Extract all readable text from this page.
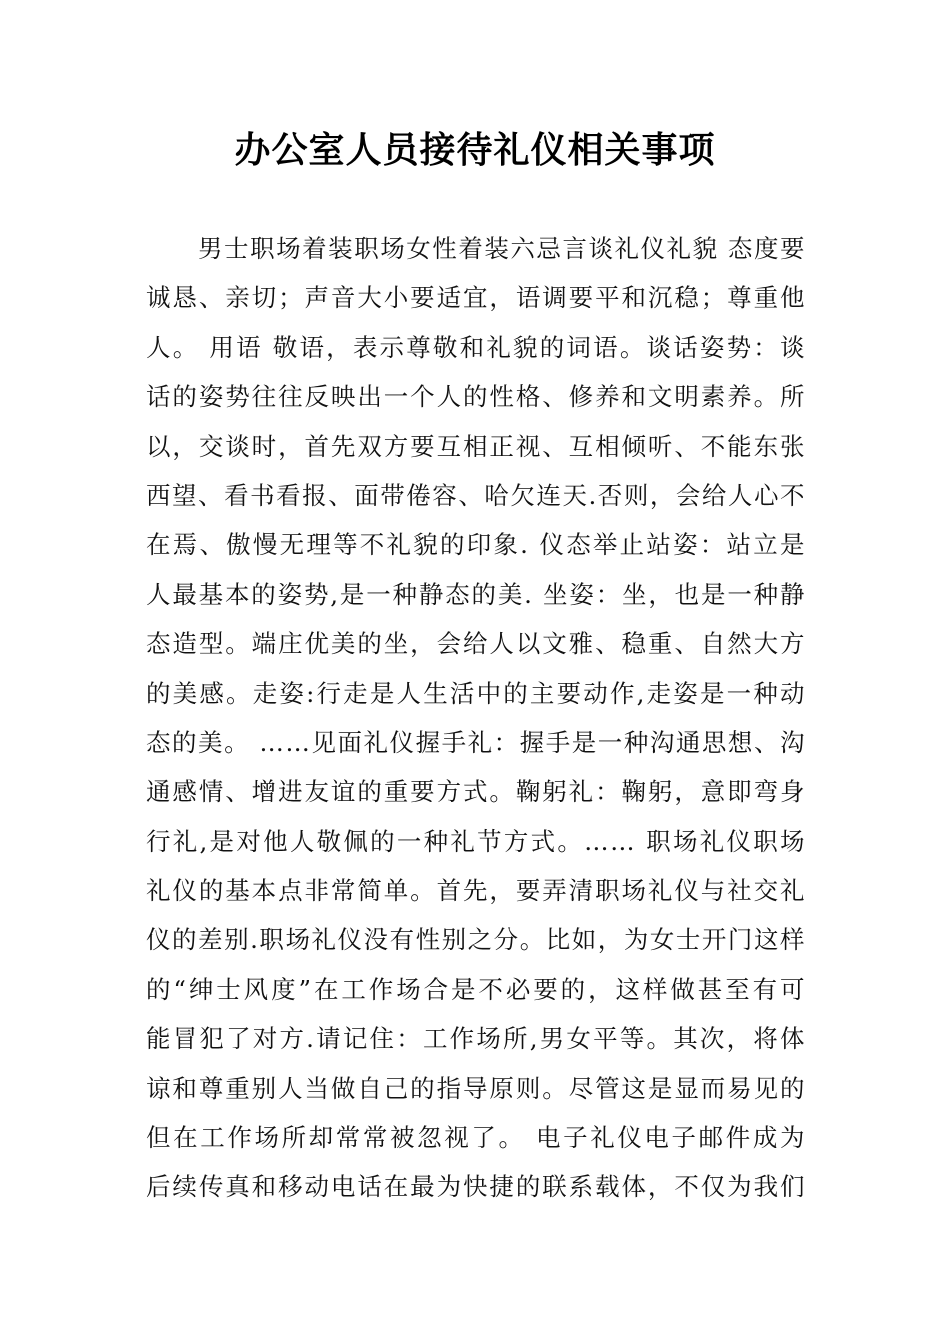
办公室人员接待礼仪相关事项
男士职场着装职场女性着装六忌言谈礼仪礼貌 态度要
诚恳、亲切；声音大小要适宜，语调要平和沉稳；尊重他
人。 用语 敬语，表示尊敬和礼貌的词语。谈话姿势：谈
话的姿势往往反映出一个人的性格、修养和文明素养。所
以，交谈时，首先双方要互相正视、互相倾听、不能东张
西望、看书看报、面带倦容、哈欠连天.否则，会给人心不
在焉、傲慢无理等不礼貌的印象. 仪态举止站姿：站立是
人最基本的姿势,是一种静态的美. 坐姿：坐，也是一种静
态造型。端庄优美的坐，会给人以文雅、稳重、自然大方
的美感。走姿:行走是人生活中的主要动作,走姿是一种动
态的美。 ……见面礼仪握手礼：握手是一种沟通思想、沟
通感情、增进友谊的重要方式。鞠躬礼：鞠躬，意即弯身
行礼,是对他人敬佩的一种礼节方式。…… 职场礼仪职场
礼仪的基本点非常简单。首先，要弄清职场礼仪与社交礼
仪的差别.职场礼仪没有性别之分。比如，为女士开门这样
的“绅士风度”在工作场合是不必要的，这样做甚至有可
能冒犯了对方.请记住：工作场所,男女平等。其次，将体
谅和尊重别人当做自己的指导原则。尽管这是显而易见的
但在工作场所却常常被忽视了。 电子礼仪电子邮件成为
后续传真和移动电话在最为快捷的联系载体，不仅为我们
